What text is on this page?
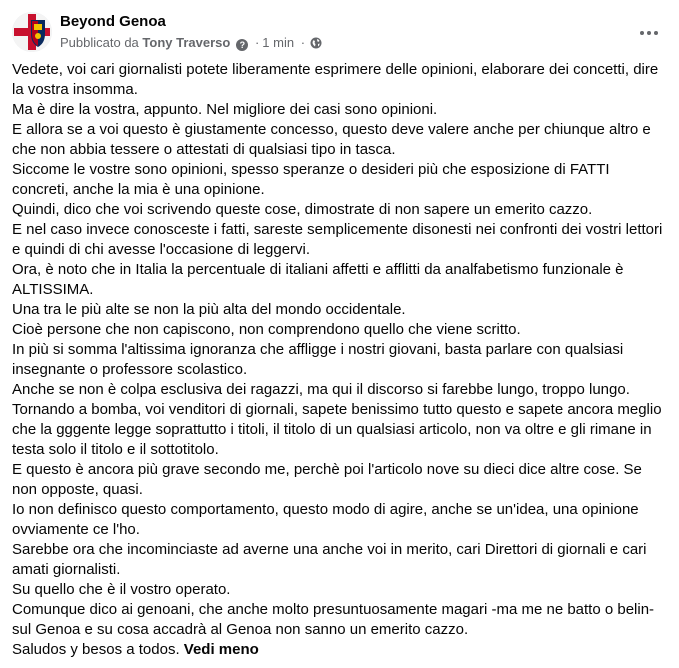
Beyond Genoa
Pubblicato da Tony Traverso ? · 1 min ·

Vedete, voi cari giornalisti potete liberamente esprimere delle opinioni, elaborare dei concetti, dire la vostra insomma.

Ma è dire la vostra, appunto. Nel migliore dei casi sono opinioni.

E allora se a voi questo è giustamente concesso, questo deve valere anche per chiunque altro e che non abbia tessere o attestati di qualsiasi tipo in tasca.

Siccome le vostre sono opinioni, spesso speranze o desideri più che esposizione di FATTI concreti, anche la mia è una opinione.

Quindi, dico che voi scrivendo queste cose, dimostrate di non sapere un emerito cazzo.

E nel caso invece conosceste i fatti, sareste semplicemente disonesti nei confronti dei vostri lettori e quindi di chi avesse l'occasione di leggervi.

Ora, è noto che in Italia la percentuale di italiani affetti e afflitti da analfabetismo funzionale è ALTISSIMA.

Una tra le più alte se non la più alta del mondo occidentale.

Cioè persone che non capiscono, non comprendono quello che viene scritto.

In più si somma l'altissima ignoranza che affligge i nostri giovani, basta parlare con qualsiasi insegnante o professore scolastico.

Anche se non è colpa esclusiva dei ragazzi, ma qui il discorso si farebbe lungo, troppo lungo.

Tornando a bomba, voi venditori di giornali, sapete benissimo tutto questo e sapete ancora meglio che la gggente legge soprattutto i titoli, il titolo di un qualsiasi articolo, non va oltre e gli rimane in testa solo il titolo e il sottotitolo.

E questo è ancora più grave secondo me, perchè poi l'articolo nove su dieci dice altre cose. Se non opposte, quasi.

Io non definisco questo comportamento, questo modo di agire, anche se un'idea, una opinione ovviamente ce l'ho.

Sarebbe ora che incominciaste ad averne una anche voi in merito, cari Direttori di giornali e cari amati giornalisti.

Su quello che è il vostro operato.

Comunque dico ai genoani, che anche molto presuntuosamente magari -ma me ne batto o belin- sul Genoa e su cosa accadrà al Genoa non sanno un emerito cazzo.

Saludos y besos a todos. Vedi meno
